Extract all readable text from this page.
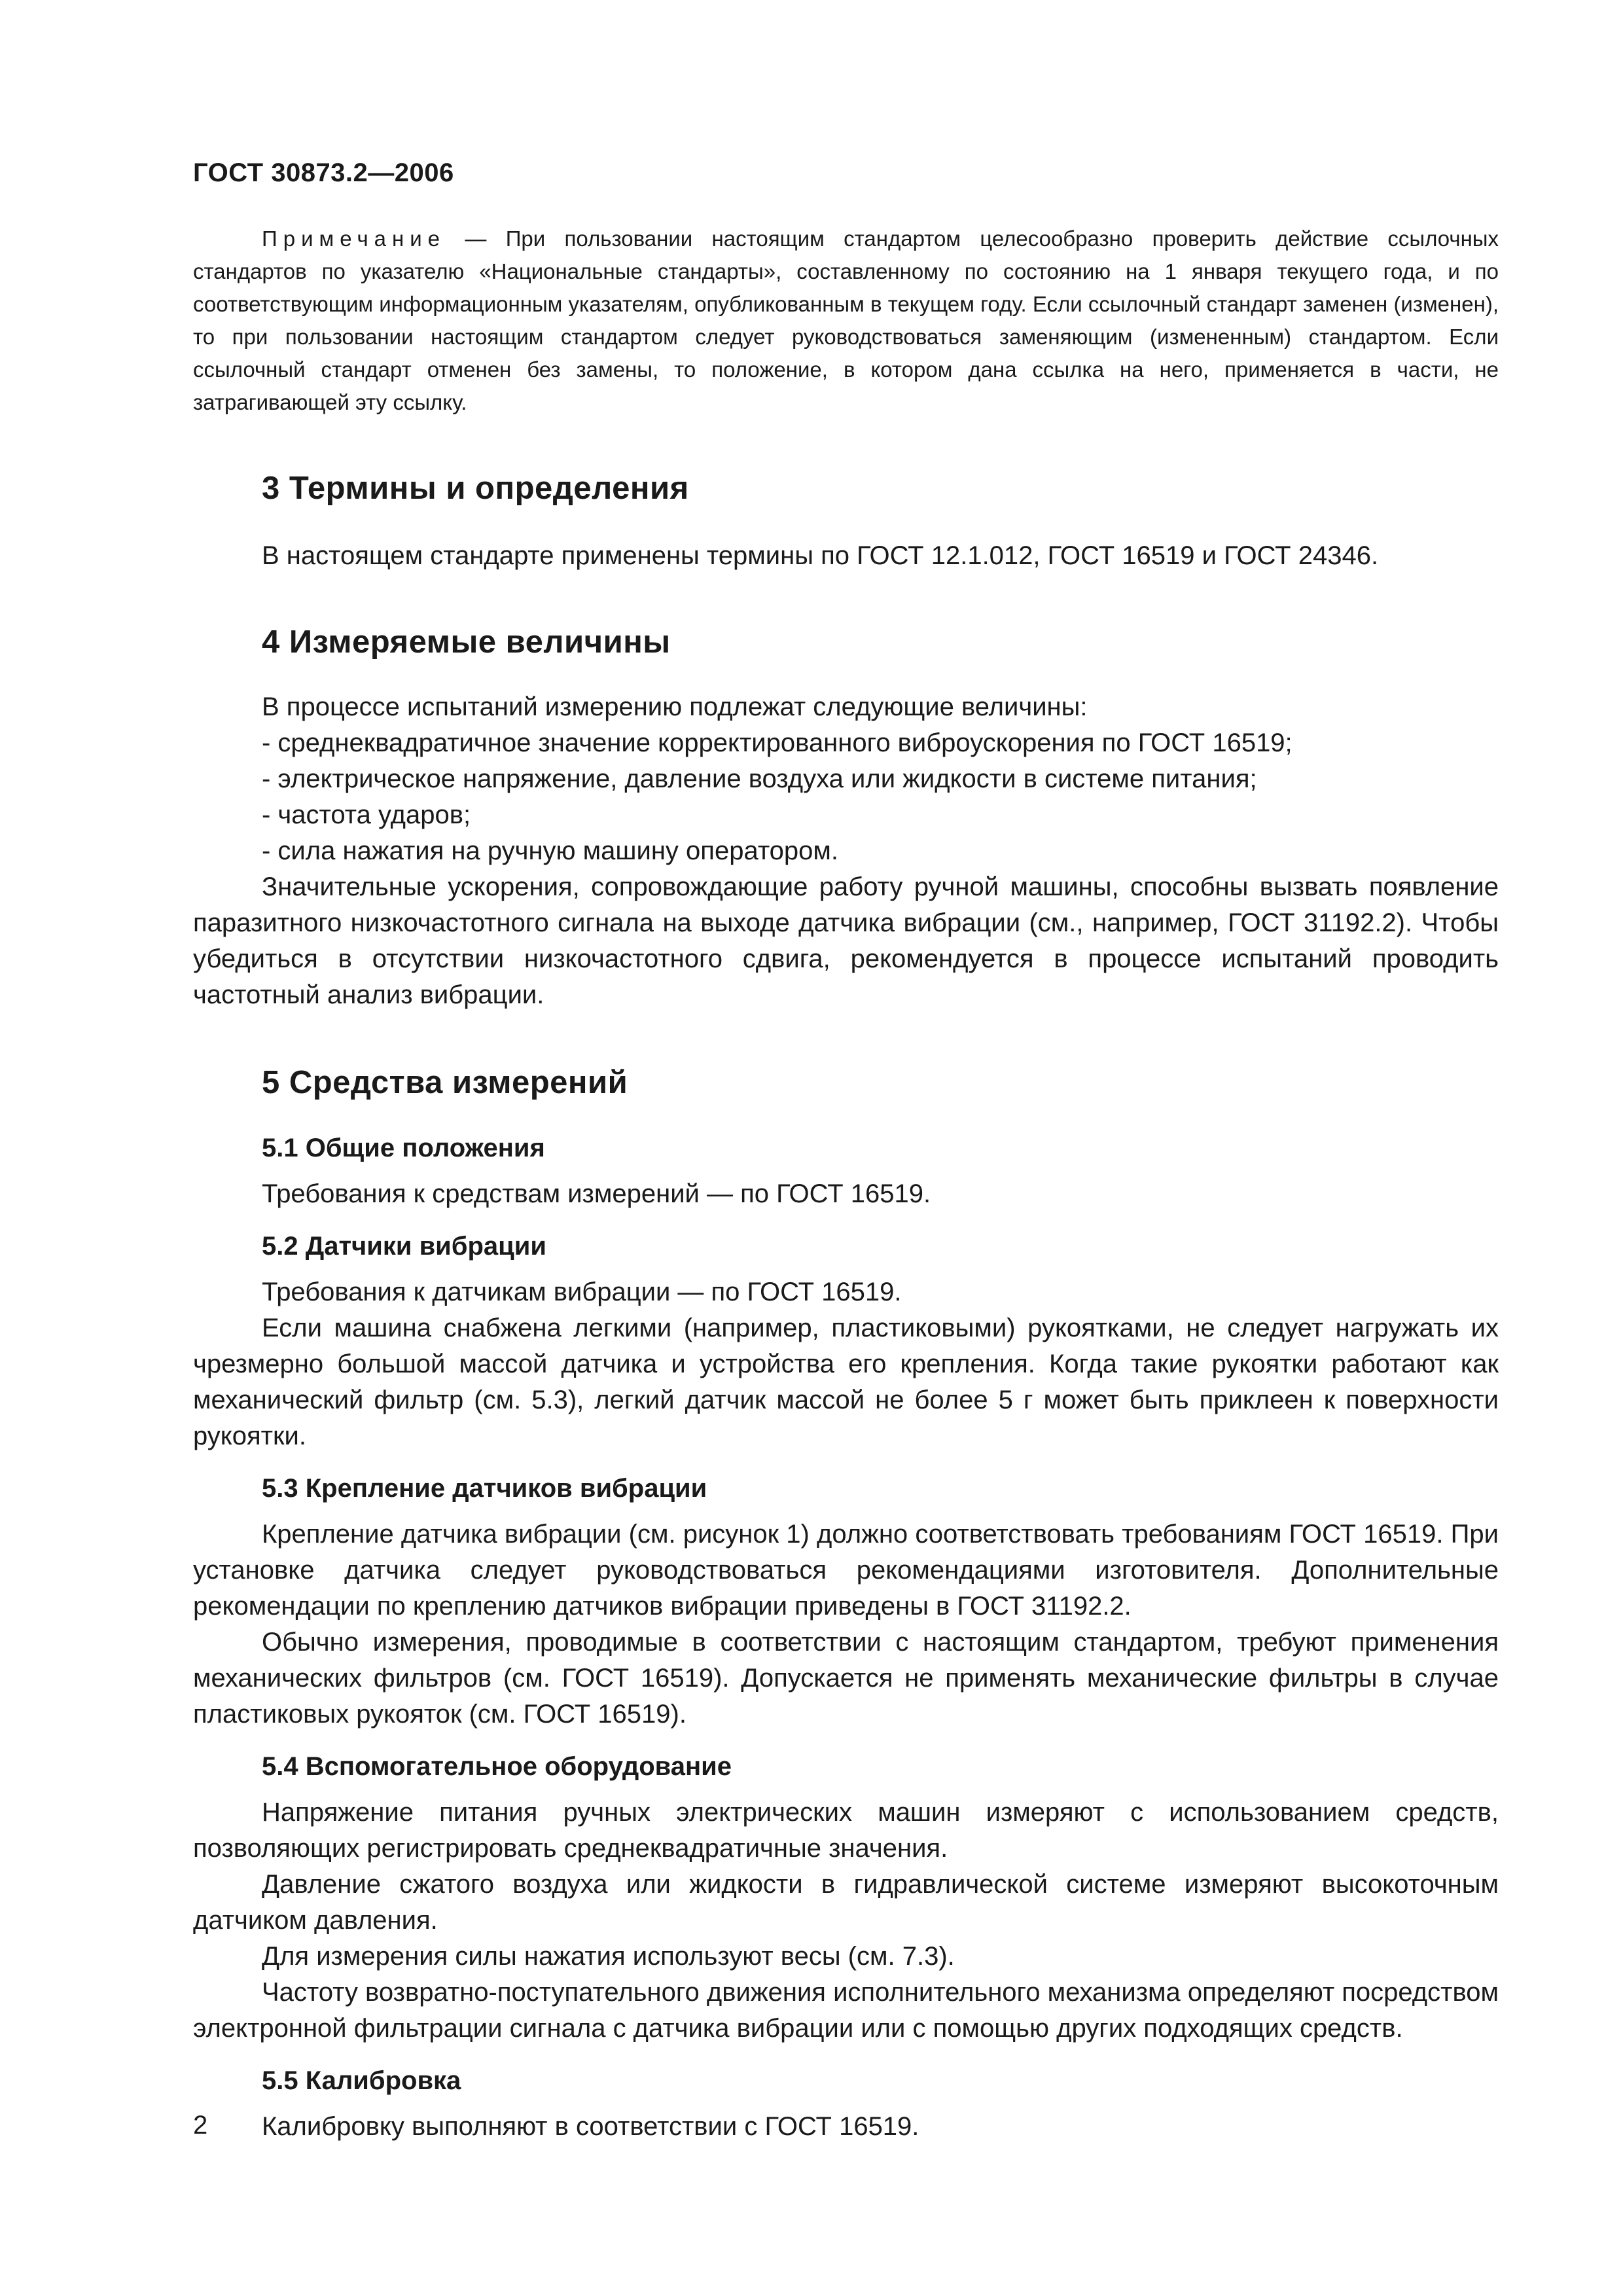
ГОСТ 30873.2—2006

Примечание — При пользовании настоящим стандартом целесообразно проверить действие ссылочных стандартов по указателю «Национальные стандарты», составленному по состоянию на 1 января текущего года, и по соответствующим информационным указателям, опубликованным в текущем году. Если ссылочный стандарт заменен (изменен), то при пользовании настоящим стандартом следует руководствоваться заменяющим (измененным) стандартом. Если ссылочный стандарт отменен без замены, то положение, в котором дана ссылка на него, применяется в части, не затрагивающей эту ссылку.

3 Термины и определения

В настоящем стандарте применены термины по ГОСТ 12.1.012, ГОСТ 16519 и ГОСТ 24346.

4 Измеряемые величины

В процессе испытаний измерению подлежат следующие величины:

- среднеквадратичное значение корректированного виброускорения по ГОСТ 16519;
- электрическое напряжение, давление воздуха или жидкости в системе питания;
- частота ударов;
- сила нажатия на ручную машину оператором.

Значительные ускорения, сопровождающие работу ручной машины, способны вызвать появление паразитного низкочастотного сигнала на выходе датчика вибрации (см., например, ГОСТ 31192.2). Чтобы убедиться в отсутствии низкочастотного сдвига, рекомендуется в процессе испытаний проводить частотный анализ вибрации.

5 Средства измерений
5.1 Общие положения

Требования к средствам измерений — по ГОСТ 16519.

5.2 Датчики вибрации

Требования к датчикам вибрации — по ГОСТ 16519.

Если машина снабжена легкими (например, пластиковыми) рукоятками, не следует нагружать их чрезмерно большой массой датчика и устройства его крепления. Когда такие рукоятки работают как механический фильтр (см. 5.3), легкий датчик массой не более 5 г может быть приклеен к поверхности рукоятки.

5.3 Крепление датчиков вибрации

Крепление датчика вибрации (см. рисунок 1) должно соответствовать требованиям ГОСТ 16519. При установке датчика следует руководствоваться рекомендациями изготовителя. Дополнительные рекомендации по креплению датчиков вибрации приведены в ГОСТ 31192.2.

Обычно измерения, проводимые в соответствии с настоящим стандартом, требуют применения механических фильтров (см. ГОСТ 16519). Допускается не применять механические фильтры в случае пластиковых рукояток (см. ГОСТ 16519).

5.4 Вспомогательное оборудование

Напряжение питания ручных электрических машин измеряют с использованием средств, позволяющих регистрировать среднеквадратичные значения.

Давление сжатого воздуха или жидкости в гидравлической системе измеряют высокоточным датчиком давления.

Для измерения силы нажатия используют весы (см. 7.3).

Частоту возвратно-поступательного движения исполнительного механизма определяют посредством электронной фильтрации сигнала с датчика вибрации или с помощью других подходящих средств.

5.5 Калибровка

Калибровку выполняют в соответствии с ГОСТ 16519.

2
